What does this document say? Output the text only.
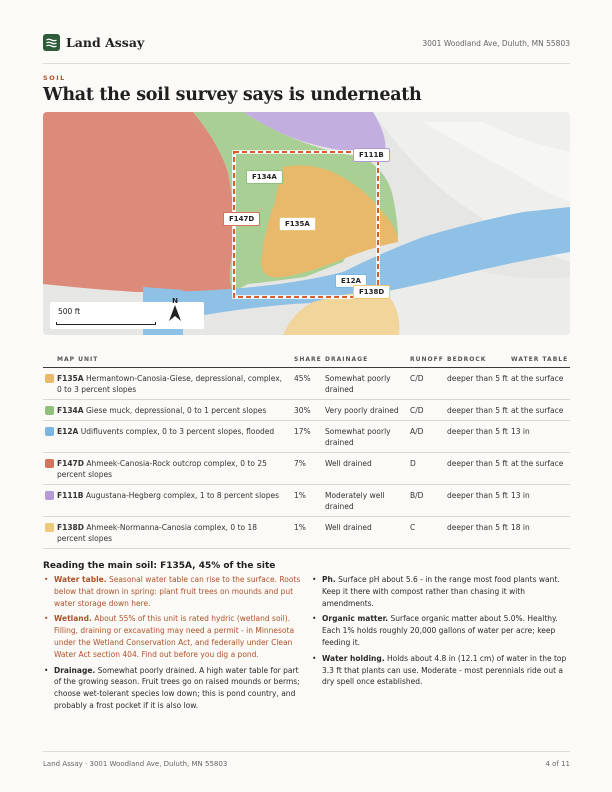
Land Assay	3001 Woodland Ave, Duluth, MN 55803
SOIL
What the soil survey says is underneath
F111B
F134A
F147D
F135A
E12A
F138D
500 ft
N
MAP UNIT	SHARE	DRAINAGE	RUNOFF	BEDROCK	WATER TABLE

F135A Hermantown-Canosia-Giese, depressional, complex, 0 to 3 percent slopes	45%	Somewhat poorly drained	C/D	deeper than 5 ft	at the surface

F134A Giese muck, depressional, 0 to 1 percent slopes	30%	Very poorly drained	C/D	deeper than 5 ft	at the surface

E12A Udifluvents complex, 0 to 3 percent slopes, flooded	17%	Somewhat poorly drained	A/D	deeper than 5 ft	13 in

F147D Ahmeek-Canosia-Rock outcrop complex, 0 to 25 percent slopes	7%	Well drained	D	deeper than 5 ft	at the surface

F111B Augustana-Hegberg complex, 1 to 8 percent slopes	1%	Moderately well drained	B/D	deeper than 5 ft	13 in

F138D Ahmeek-Normanna-Canosia complex, 0 to 18 percent slopes	1%	Well drained	C	deeper than 5 ft	18 in
Reading the main soil: F135A, 45% of the site
• Water table. Seasonal water table can rise to the surface. Roots below that drown in spring: plant fruit trees on mounds and put water storage down here.
• Wetland. About 55% of this unit is rated hydric (wetland soil). Filling, draining or excavating may need a permit - in Minnesota under the Wetland Conservation Act, and federally under Clean Water Act section 404. Find out before you dig a pond.
• Drainage. Somewhat poorly drained. A high water table for part of the growing season. Fruit trees go on raised mounds or berms; choose wet-tolerant species low down; this is pond country, and probably a frost pocket if it is also low.
• Ph. Surface pH about 5.6 - in the range most food plants want. Keep it there with compost rather than chasing it with amendments.
• Organic matter. Surface organic matter about 5.0%. Healthy. Each 1% holds roughly 20,000 gallons of water per acre; keep feeding it.
• Water holding. Holds about 4.8 in (12.1 cm) of water in the top 3.3 ft that plants can use. Moderate - most perennials ride out a dry spell once established.
Land Assay · 3001 Woodland Ave, Duluth, MN 55803	4 of 11
